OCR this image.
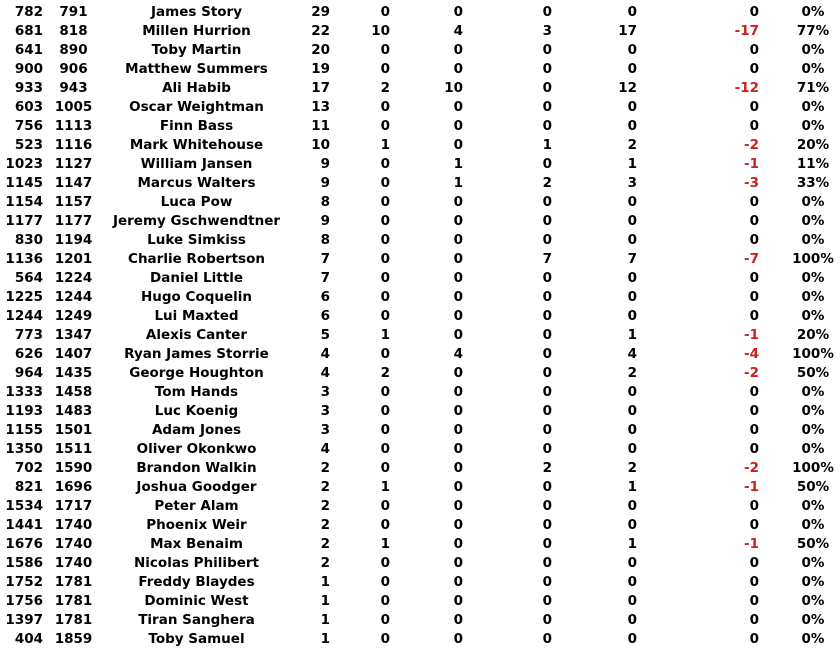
782	791	James Story	29	0	0	0	0	0	0%
681	818	Millen Hurrion	22	10	4	3	17	-17	77%
641	890	Toby Martin	20	0	0	0	0	0	0%
900	906	Matthew Summers	19	0	0	0	0	0	0%
933	943	Ali Habib	17	2	10	0	12	-12	71%
603 1005	Oscar Weightman	13	0	0	0	0	0	0%
756 1113	Finn Bass	11	0	0	0	0	0	0%
523 1116	Mark Whitehouse	10	1	0	1	2	-2	20%
1023 1127	William Jansen	9	0	1	0	1	-1	11%
1145 1147	Marcus Walters	9	0	1	2	3	-3	33%
1154 1157	Luca Pow	8	0	0	0	0	0	0%
1177 1177	Jeremy Gschwendtner	9	0	0	0	0	0	0%
830 1194	Luke Simkiss	8	0	0	0	0	0	0%
1136 1201	Charlie Robertson	7	0	0	7	7	-7	100%
564 1224	Daniel Little	7	0	0	0	0	0	0%
1225 1244	Hugo Coquelin	6	0	0	0	0	0	0%
1244 1249	Lui Maxted	6	0	0	0	0	0	0%
773 1347	Alexis Canter	5	1	0	0	1	-1	20%
626 1407	Ryan James Storrie	4	0	4	0	4	-4	100%
964 1435	George Houghton	4	2	0	0	2	-2	50%
1333 1458	Tom Hands	3	0	0	0	0	0	0%
1193 1483	Luc Koenig	3	0	0	0	0	0	0%
1155 1501	Adam Jones	3	0	0	0	0	0	0%
1350 1511	Oliver Okonkwo	4	0	0	0	0	0	0%
702 1590	Brandon Walkin	2	0	0	2	2	-2	100%
821 1696	Joshua Goodger	2	1	0	0	1	-1	50%
1534 1717	Peter Alam	2	0	0	0	0	0	0%
1441 1740	Phoenix Weir	2	0	0	0	0	0	0%
1676 1740	Max Benaim	2	1	0	0	1	-1	50%
1586 1740	Nicolas Philibert	2	0	0	0	0	0	0%
1752 1781	Freddy Blaydes	1	0	0	0	0	0	0%
1756 1781	Dominic West	1	0	0	0	0	0	0%
1397 1781	Tiran Sanghera	1	0	0	0	0	0	0%
404 1859	Toby Samuel	1	0	0	0	0	0	0%
